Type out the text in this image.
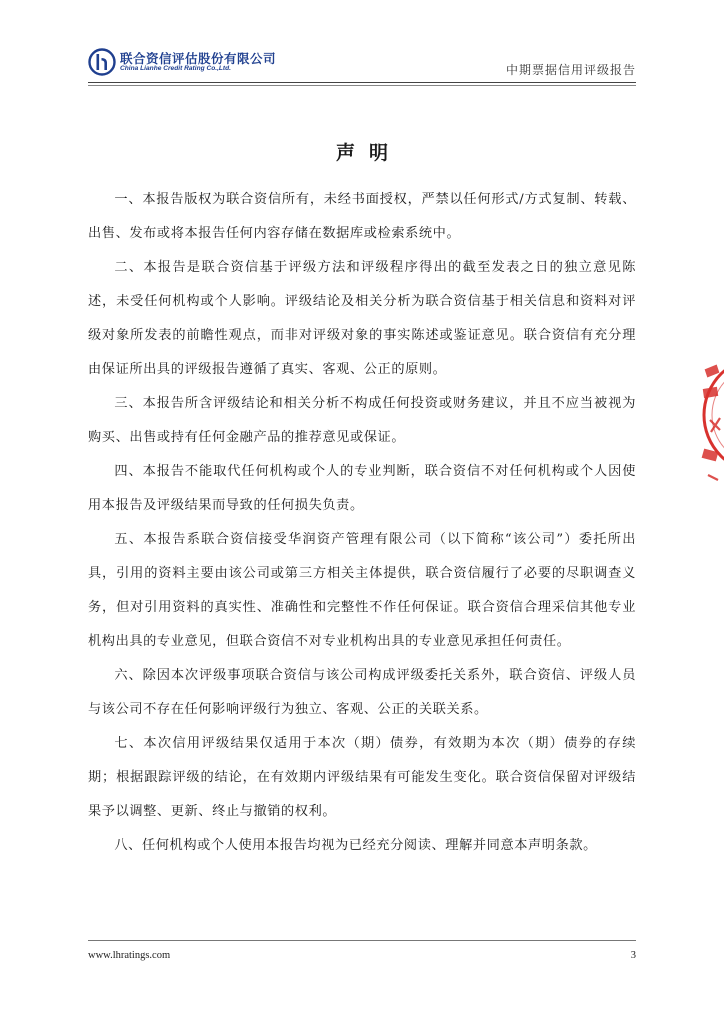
联合资信评估股份有限公司
China Lianhe Credit Rating Co.,Ltd.	中期票据信用评级报告
声明

一、本报告版权为联合资信所有，未经书面授权，严禁以任何形式/方式复制、转载、出售、发布或将本报告任何内容存储在数据库或检索系统中。

二、本报告是联合资信基于评级方法和评级程序得出的截至发表之日的独立意见陈述，未受任何机构或个人影响。评级结论及相关分析为联合资信基于相关信息和资料对评级对象所发表的前瞻性观点，而非对评级对象的事实陈述或鉴证意见。联合资信有充分理由保证所出具的评级报告遵循了真实、客观、公正的原则。

三、本报告所含评级结论和相关分析不构成任何投资或财务建议，并且不应当被视为购买、出售或持有任何金融产品的推荐意见或保证。

四、本报告不能取代任何机构或个人的专业判断，联合资信不对任何机构或个人因使用本报告及评级结果而导致的任何损失负责。

五、本报告系联合资信接受华润资产管理有限公司（以下简称“该公司”）委托所出具，引用的资料主要由该公司或第三方相关主体提供，联合资信履行了必要的尽职调查义务，但对引用资料的真实性、准确性和完整性不作任何保证。联合资信合理采信其他专业机构出具的专业意见，但联合资信不对专业机构出具的专业意见承担任何责任。

六、除因本次评级事项联合资信与该公司构成评级委托关系外，联合资信、评级人员与该公司不存在任何影响评级行为独立、客观、公正的关联关系。

七、本次信用评级结果仅适用于本次（期）债券，有效期为本次（期）债券的存续期；根据跟踪评级的结论，在有效期内评级结果有可能发生变化。联合资信保留对评级结果予以调整、更新、终止与撤销的权利。

八、任何机构或个人使用本报告均视为已经充分阅读、理解并同意本声明条款。

www.lhratings.com	3
